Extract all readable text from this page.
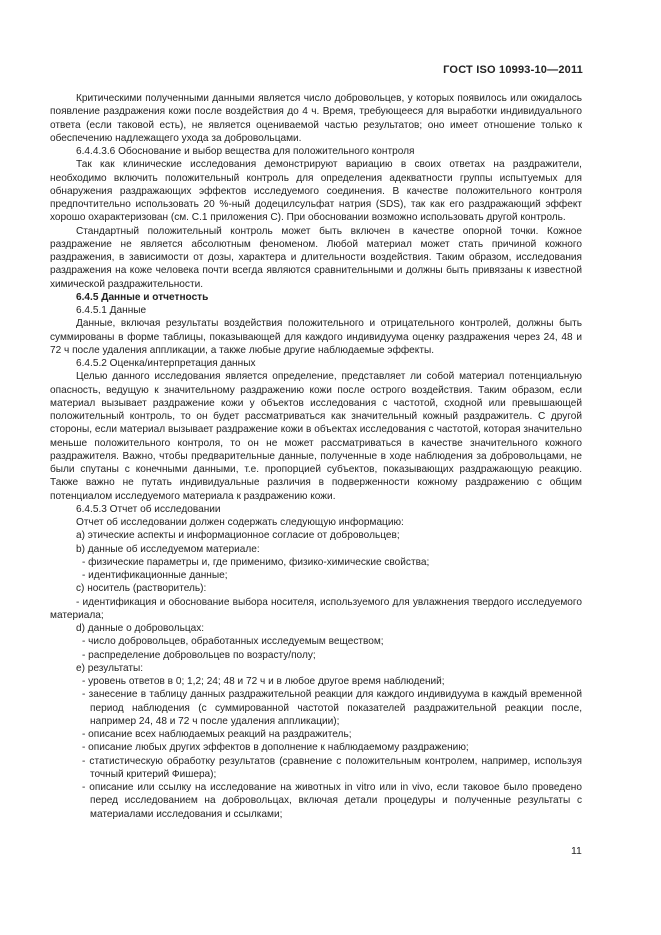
ГОСТ ISO 10993-10—2011

Критическими полученными данными является число добровольцев, у которых появилось или ожидалось появление раздражения кожи после воздействия до 4 ч. Время, требующееся для выработки индивидуального ответа (если таковой есть), не является оцениваемой частью результатов; оно имеет отношение только к обеспечению надлежащего ухода за добровольцами.

6.4.4.3.6 Обоснование и выбор вещества для положительного контроля

Так как клинические исследования демонстрируют вариацию в своих ответах на раздражители, необходимо включить положительный контроль для определения адекватности группы испытуемых для обнаружения раздражающих эффектов исследуемого соединения. В качестве положительного контроля предпочтительно использовать 20 %-ный додецилсульфат натрия (SDS), так как его раздражающий эффект хорошо охарактеризован (см. С.1 приложения С). При обосновании возможно использовать другой контроль.

Стандартный положительный контроль может быть включен в качестве опорной точки. Кожное раздражение не является абсолютным феноменом. Любой материал может стать причиной кожного раздражения, в зависимости от дозы, характера и длительности воздействия. Таким образом, исследования раздражения на коже человека почти всегда являются сравнительными и должны быть привязаны к известной химической раздражительности.

6.4.5 Данные и отчетность

6.4.5.1 Данные

Данные, включая результаты воздействия положительного и отрицательного контролей, должны быть суммированы в форме таблицы, показывающей для каждого индивидуума оценку раздражения через 24, 48 и 72 ч после удаления аппликации, а также любые другие наблюдаемые эффекты.

6.4.5.2 Оценка/интерпретация данных

Целью данного исследования является определение, представляет ли собой материал потенциальную опасность, ведущую к значительному раздражению кожи после острого воздействия. Таким образом, если материал вызывает раздражение кожи у объектов исследования с частотой, сходной или превышающей положительный контроль, то он будет рассматриваться как значительный кожный раздражитель. С другой стороны, если материал вызывает раздражение кожи в объектах исследования с частотой, которая значительно меньше положительного контроля, то он не может рассматриваться в качестве значительного кожного раздражителя. Важно, чтобы предварительные данные, полученные в ходе наблюдения за добровольцами, не были спутаны с конечными данными, т.е. пропорцией субъектов, показывающих раздражающую реакцию. Также важно не путать индивидуальные различия в подверженности кожному раздражению с общим потенциалом исследуемого материала к раздражению кожи.

6.4.5.3 Отчет об исследовании

Отчет об исследовании должен содержать следующую информацию:

a) этические аспекты и информационное согласие от добровольцев;

b) данные об исследуемом материале:

- физические параметры и, где применимо, физико-химические свойства;

- идентификационные данные;

c) носитель (растворитель):

- идентификация и обоснование выбора носителя, используемого для увлажнения твердого исследуемого материала;

d) данные о добровольцах:

- число добровольцев, обработанных исследуемым веществом;

- распределение добровольцев по возрасту/полу;

e) результаты:

- уровень ответов в 0; 1,2; 24; 48 и 72 ч и в любое другое время наблюдений;

- занесение в таблицу данных раздражительной реакции для каждого индивидуума в каждый временной период наблюдения (с суммированной частотой показателей раздражительной реакции после, например 24, 48 и 72 ч после удаления аппликации);

- описание всех наблюдаемых реакций на раздражитель;

- описание любых других эффектов в дополнение к наблюдаемому раздражению;

- статистическую обработку результатов (сравнение с положительным контролем, например, используя точный критерий Фишера);

- описание или ссылку на исследование на животных in vitro или in vivo, если таковое было проведено перед исследованием на добровольцах, включая детали процедуры и полученные результаты с материалами исследования и ссылками;

11
